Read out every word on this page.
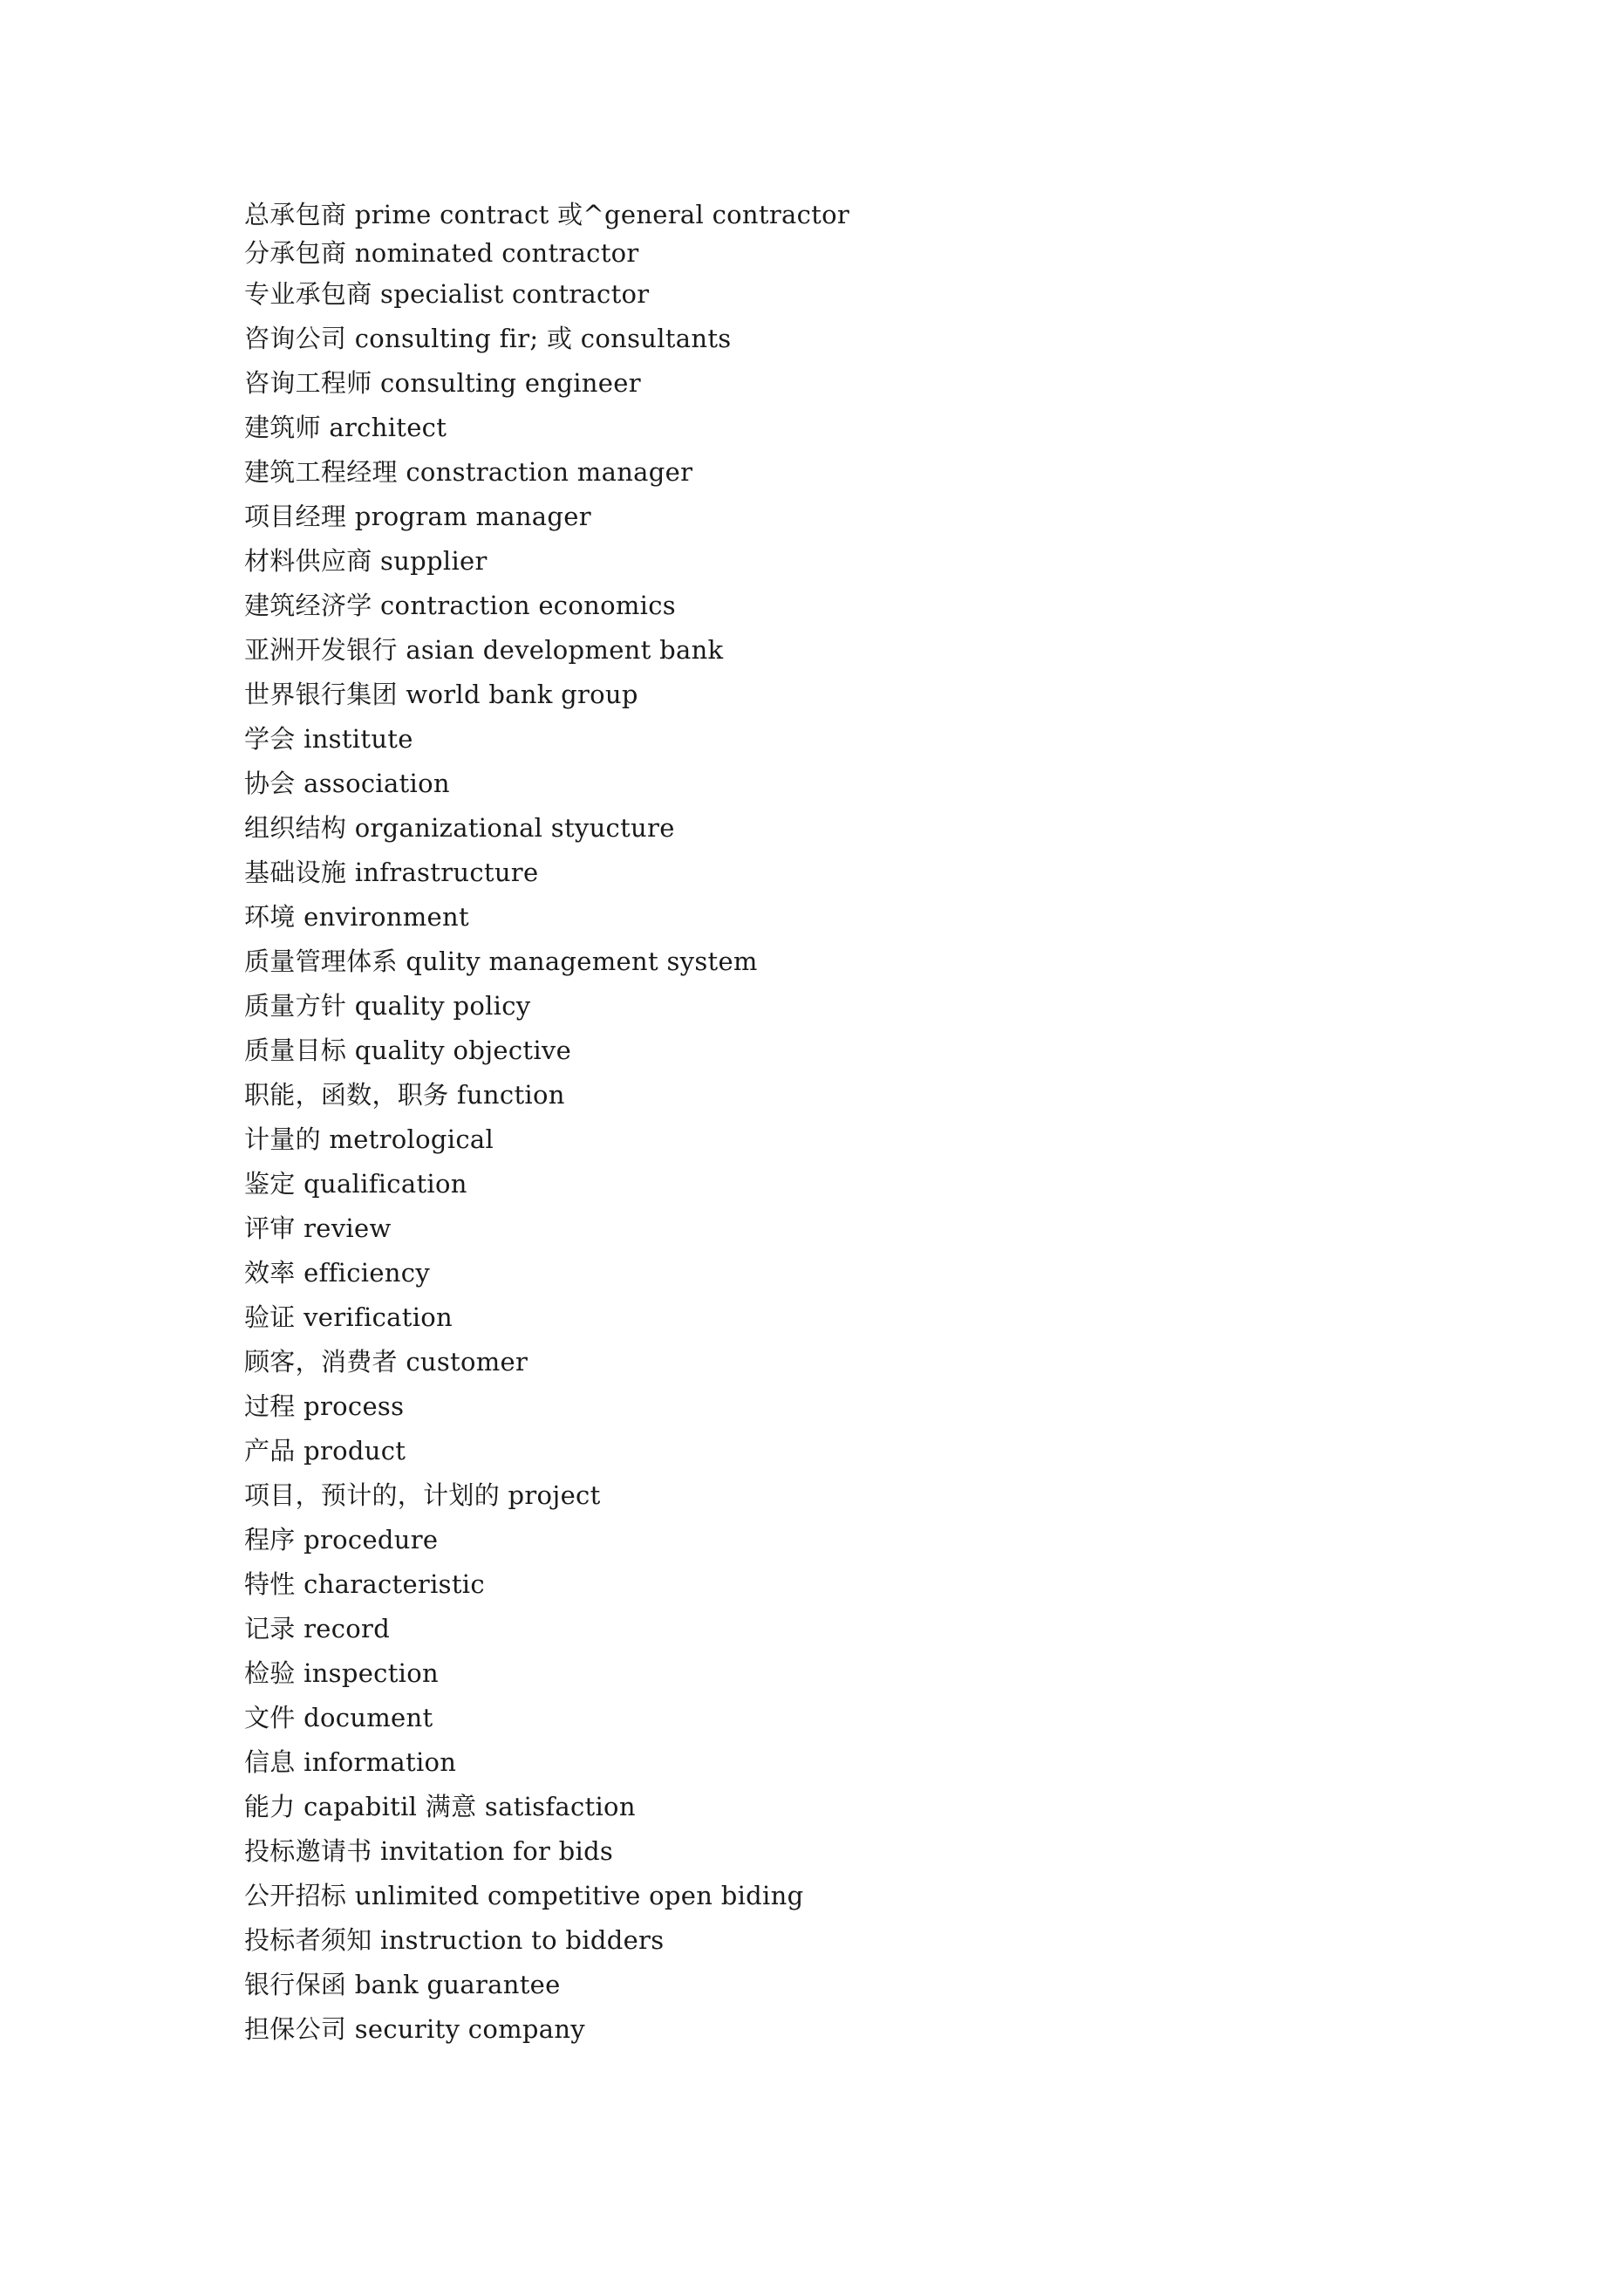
总承包商 prime contract 或^general contractor
分承包商 nominated contractor
专业承包商 specialist contractor
咨询公司 consulting fir; 或 consultants
咨询工程师 consulting engineer
建筑师 architect
建筑工程经理 constraction manager
项目经理 program manager
材料供应商 supplier
建筑经济学 contraction economics
亚洲开发银行 asian development bank
世界银行集团 world bank group
学会 institute
协会 association
组织结构 organizational styucture
基础设施 infrastructure
环境 environment
质量管理体系 qulity management system
质量方针 quality policy
质量目标 quality objective
职能，函数，职务 function
计量的 metrological
鉴定 qualification
评审 review
效率 efficiency
验证 verification
顾客，消费者 customer
过程 process
产品 product
项目，预计的，计划的 project
程序 procedure
特性 characteristic
记录 record
检验 inspection
文件 document
信息 information
能力 capabitil 满意 satisfaction
投标邀请书 invitation for bids
公开招标 unlimited competitive open biding
投标者须知 instruction to bidders
银行保函 bank guarantee
担保公司 security company
